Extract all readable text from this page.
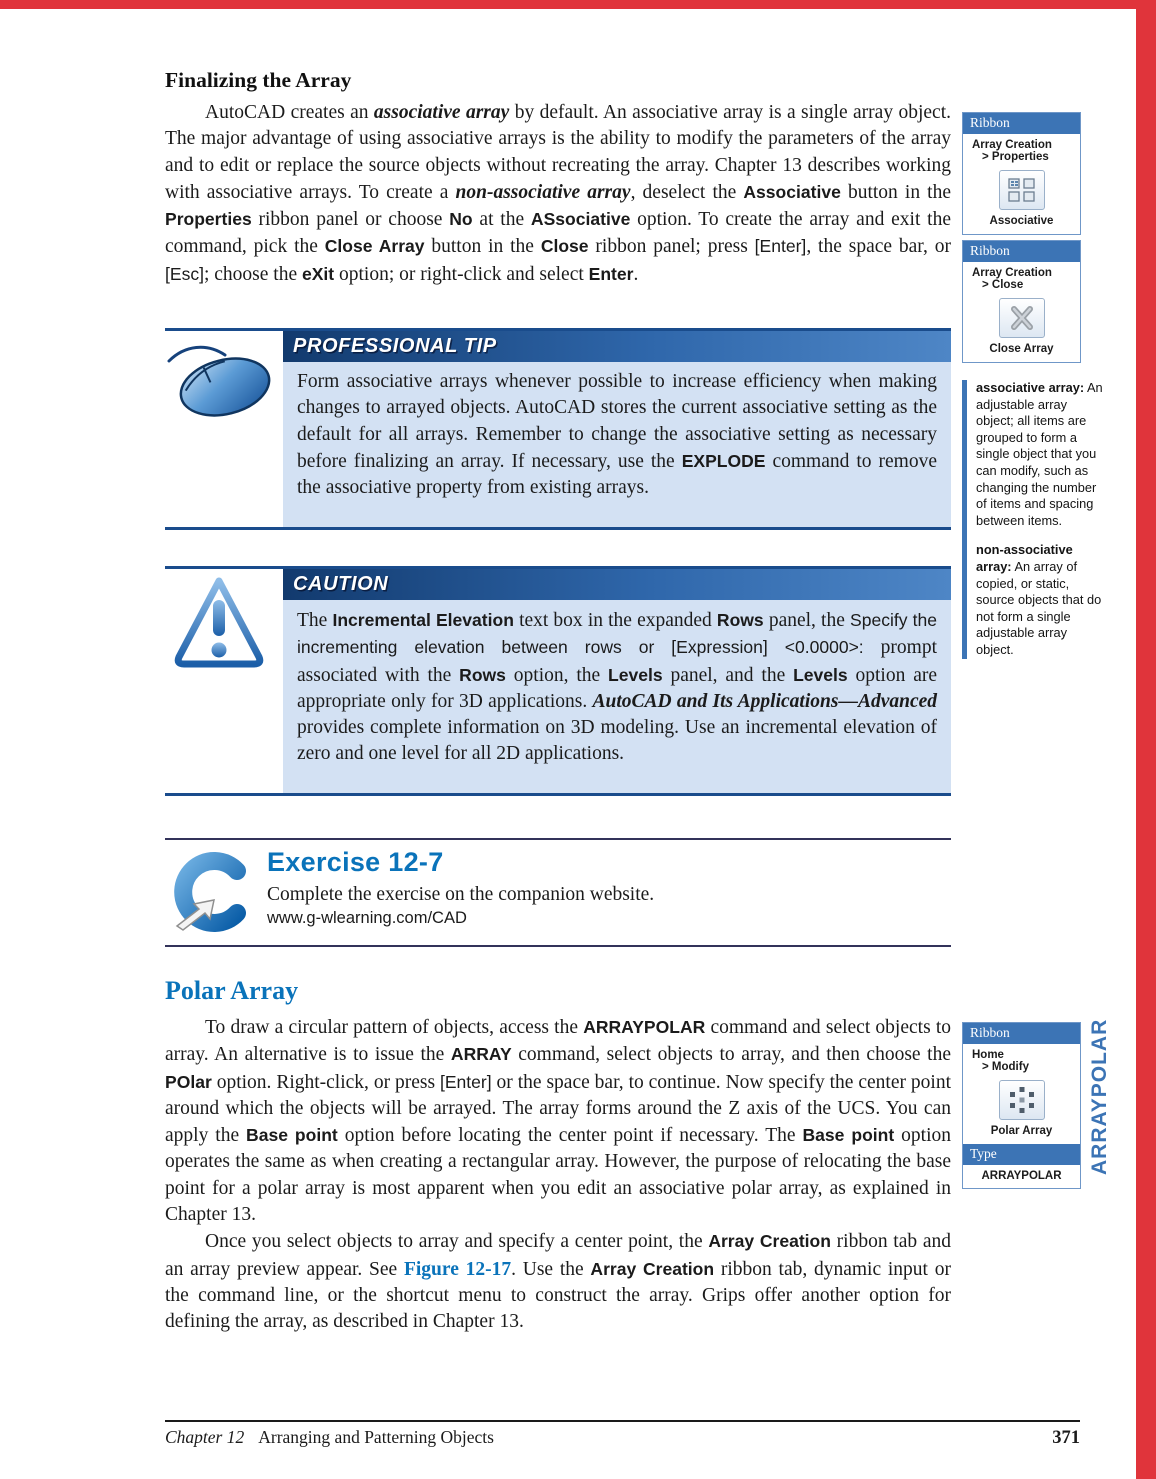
Finalizing the Array

AutoCAD creates an associative array by default. An associative array is a single array object. The major advantage of using associative arrays is the ability to modify the parameters of the array and to edit or replace the source objects without recreating the array. Chapter 13 describes working with associative arrays. To create a non-associative array, deselect the Associative button in the Properties ribbon panel or choose No at the ASsociative option. To create the array and exit the command, pick the Close Array button in the Close ribbon panel; press [Enter], the space bar, or [Esc]; choose the eXit option; or right-click and select Enter.

Ribbon
Array Creation
> Properties
Associative
Ribbon
Array Creation
> Close
Close Array

associative array: An adjustable array object; all items are grouped to form a single object that you can modify, such as changing the number of items and spacing between items.

non-associative array: An array of copied, or static, source objects that do not form a single adjustable array object.

PROFESSIONAL TIP
Form associative arrays whenever possible to increase efficiency when making changes to arrayed objects. AutoCAD stores the current associative setting as the default for all arrays. Remember to change the associative setting as necessary before finalizing an array. If necessary, use the EXPLODE command to remove the associative property from existing arrays.
CAUTION
The Incremental Elevation text box in the expanded Rows panel, the Specify the incrementing elevation between rows or [Expression] <0.0000>: prompt associated with the Rows option, the Levels panel, and the Levels option are appropriate only for 3D applications. AutoCAD and Its Applications—Advanced provides complete information on 3D modeling. Use an incremental elevation of zero and one level for all 2D applications.
Exercise 12-7

Complete the exercise on the companion website.

www.g-wlearning.com/CAD

Polar Array

To draw a circular pattern of objects, access the ARRAYPOLAR command and select objects to array. An alternative is to issue the ARRAY command, select objects to array, and then choose the POlar option. Right-click, or press [Enter] or the space bar, to continue. Now specify the center point around which the objects will be arrayed. The array forms around the Z axis of the UCS. You can apply the Base point option before locating the center point if necessary. The Base point option operates the same as when creating a rectangular array. However, the purpose of relocating the base point for a polar array is most apparent when you edit an associative polar array, as explained in Chapter 13.

Once you select objects to array and specify a center point, the Array Creation ribbon tab and an array preview appear. See Figure 12-17. Use the Array Creation ribbon tab, dynamic input or the command line, or the shortcut menu to construct the array. Grips offer another option for defining the array, as described in Chapter 13.

Ribbon
Home
> Modify
Polar Array
Type
ARRAYPOLAR
ARRAYPOLAR
Chapter 12 Arranging and Patterning Objects	371
